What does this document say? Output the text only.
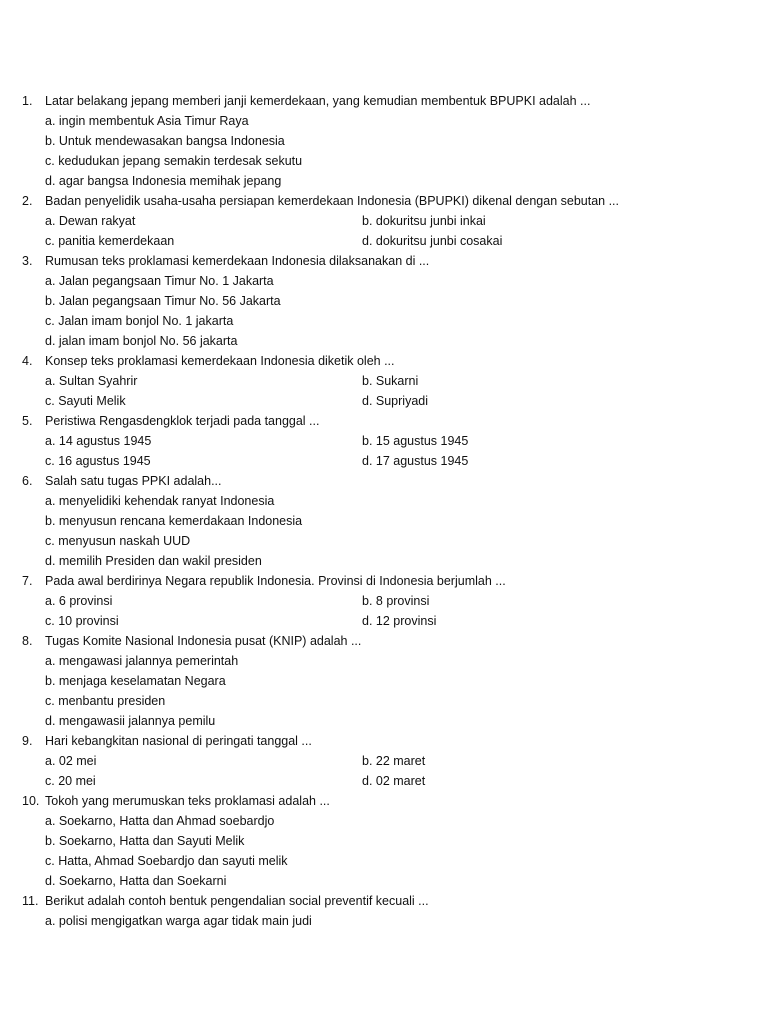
1. Latar belakang jepang memberi janji kemerdekaan, yang kemudian membentuk BPUPKI adalah ...
a. ingin membentuk Asia Timur Raya
b. Untuk mendewasakan bangsa Indonesia
c. kedudukan jepang semakin terdesak sekutu
d. agar bangsa Indonesia memihak jepang
2. Badan penyelidik usaha-usaha persiapan kemerdekaan Indonesia (BPUPKI) dikenal dengan sebutan ...
a. Dewan rakyat	b. dokuritsu junbi inkai
c. panitia kemerdekaan	d. dokuritsu junbi cosakai
3. Rumusan teks proklamasi kemerdekaan Indonesia dilaksanakan di ...
a. Jalan pegangsaan Timur No. 1 Jakarta
b. Jalan pegangsaan Timur No. 56 Jakarta
c. Jalan imam bonjol No. 1 jakarta
d. jalan imam bonjol No. 56 jakarta
4. Konsep teks proklamasi kemerdekaan Indonesia diketik oleh ...
a. Sultan Syahrir	b. Sukarni
c. Sayuti Melik	d. Supriyadi
5. Peristiwa Rengasdengklok terjadi pada tanggal ...
a. 14 agustus 1945	b. 15 agustus 1945
c. 16 agustus 1945	d. 17 agustus 1945
6. Salah satu tugas PPKI adalah...
a. menyelidiki kehendak ranyat Indonesia
b. menyusun rencana kemerdakaan Indonesia
c. menyusun naskah UUD
d. memilih Presiden dan wakil presiden
7. Pada awal berdirinya Negara republik Indonesia. Provinsi di Indonesia berjumlah ...
a. 6 provinsi	b. 8 provinsi
c. 10 provinsi	d. 12 provinsi
8. Tugas Komite Nasional Indonesia pusat (KNIP) adalah ...
a. mengawasi jalannya pemerintah
b. menjaga keselamatan Negara
c. menbantu presiden
d. mengawasii jalannya pemilu
9. Hari kebangkitan nasional di peringati tanggal ...
a. 02 mei	b. 22 maret
c. 20 mei	d. 02 maret
10. Tokoh yang merumuskan teks proklamasi adalah ...
a. Soekarno, Hatta dan Ahmad soebardjo
b. Soekarno, Hatta dan Sayuti Melik
c. Hatta, Ahmad Soebardjo dan sayuti melik
d. Soekarno, Hatta dan Soekarni
11. Berikut adalah contoh bentuk pengendalian social preventif kecuali ...
a. polisi mengigatkan warga agar tidak main judi
